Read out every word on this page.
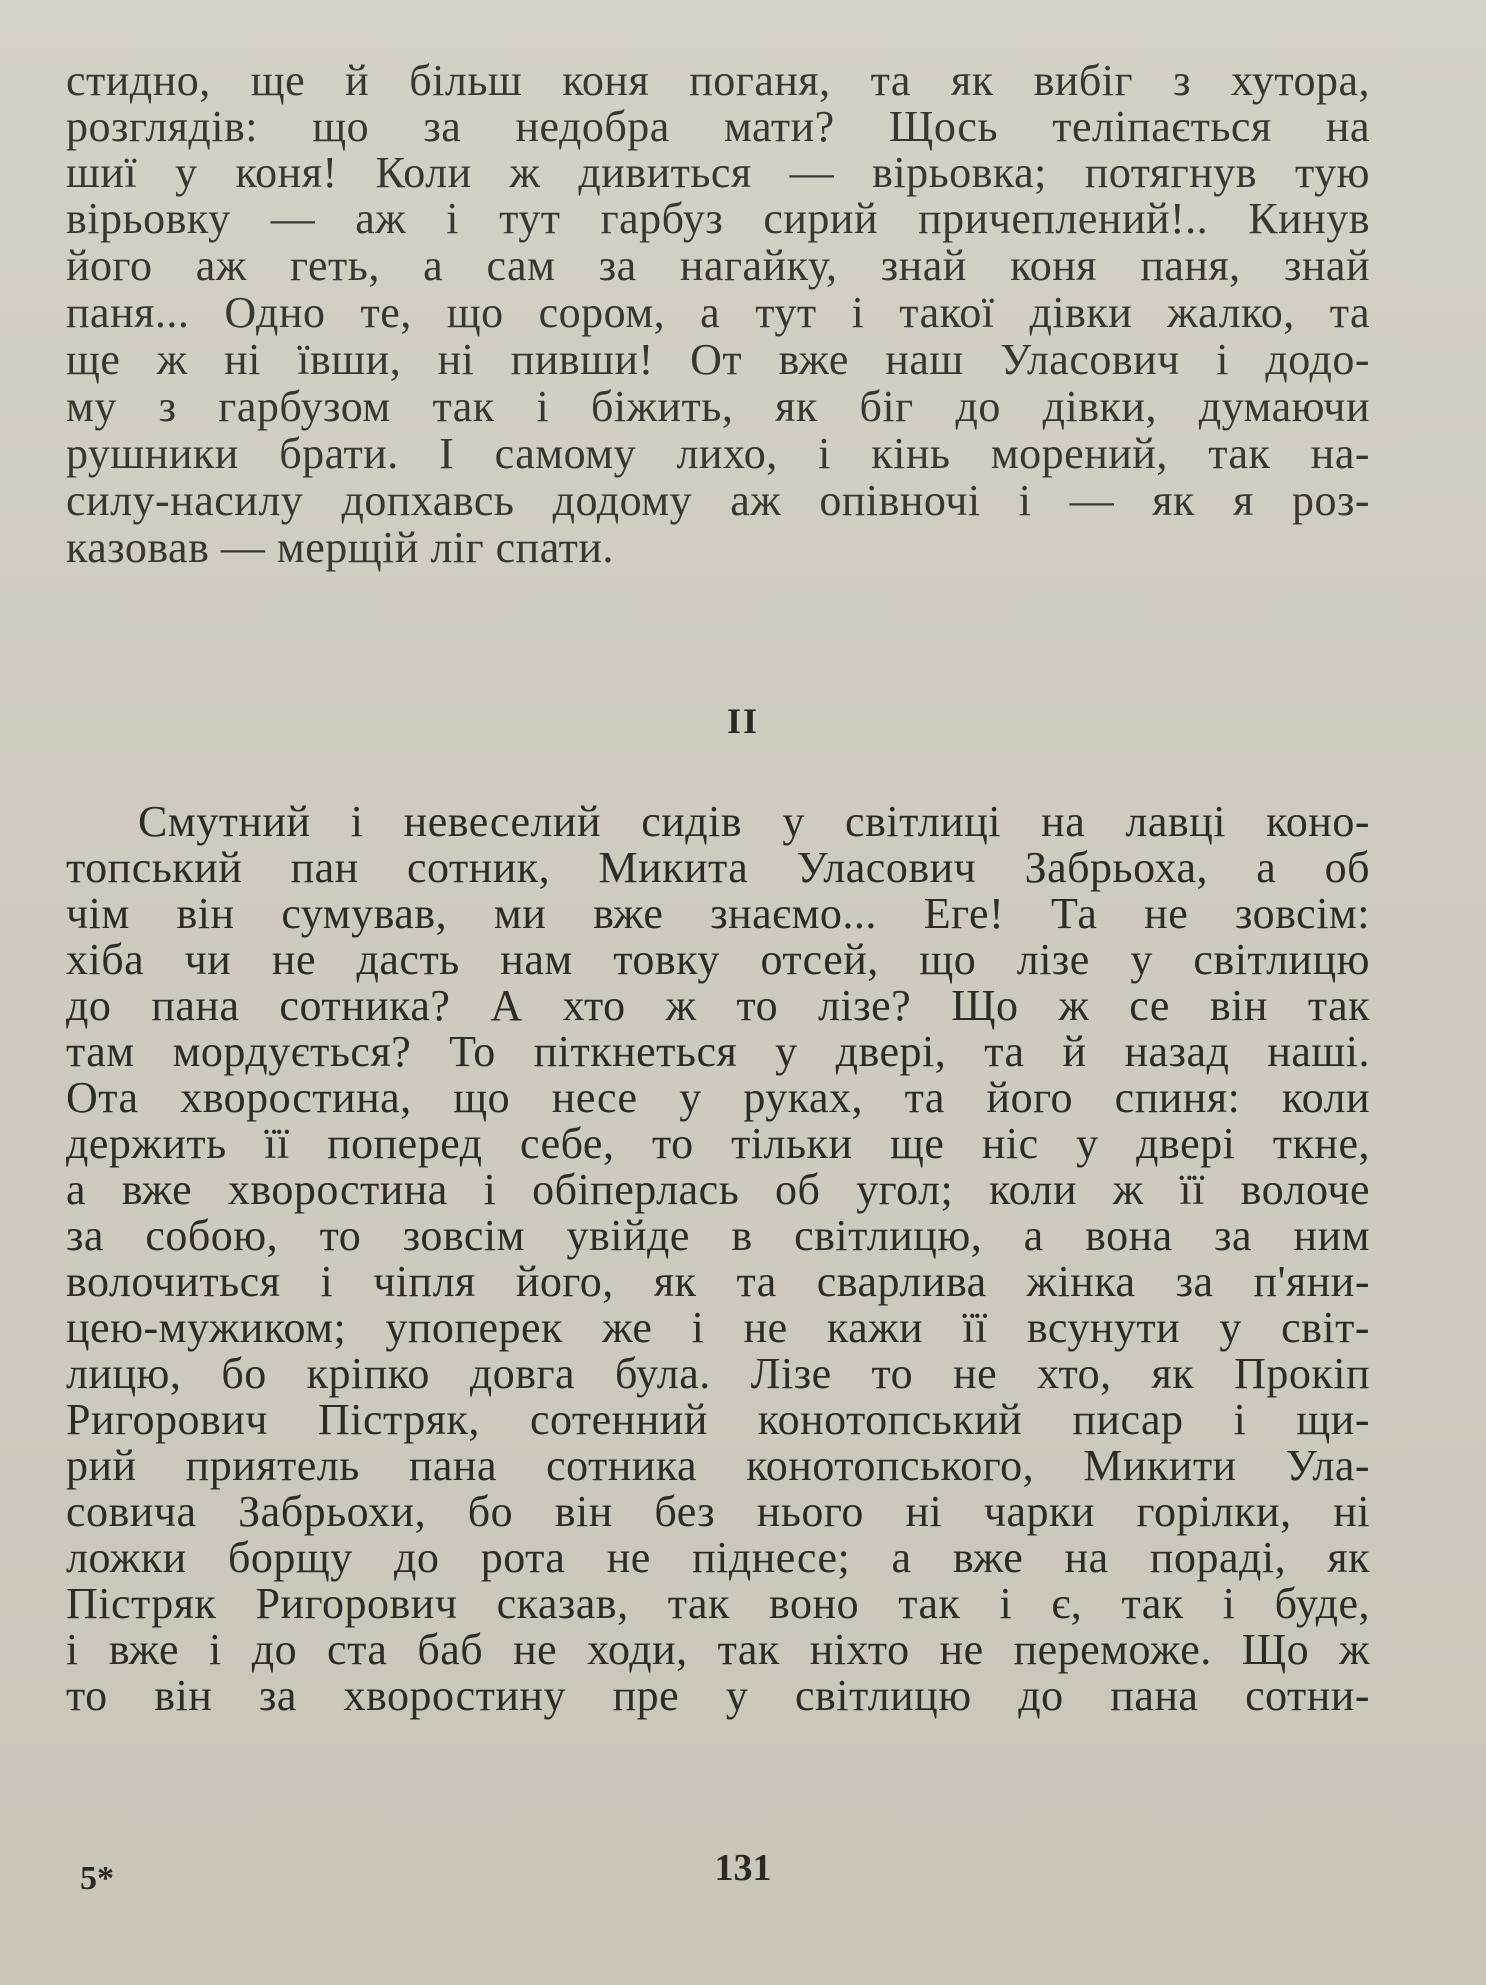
стидно, ще й більш коня поганя, та як вибіг з хутора,
розглядів: що за недобра мати? Щось теліпається на
шиї у коня! Коли ж дивиться — вірьовка; потягнув тую
вірьовку — аж і тут гарбуз сирий причеплений!.. Кинув
його аж геть, а сам за нагайку, знай коня паня, знай
паня... Одно те, що сором, а тут і такої дівки жалко, та
ще ж ні ївши, ні пивши! От вже наш Уласович і додо-
му з гарбузом так і біжить, як біг до дівки, думаючи
рушники брати. І самому лихо, і кінь морений, так на-
силу-насилу допхавсь додому аж опівночі і — як я роз-
казовав — мерщій ліг спати.
II
Смутний і невеселий сидів у світлиці на лавці коно-
топський пан сотник, Микита Уласович Забрьоха, а об
чім він сумував, ми вже знаємо... Еге! Та не зовсім:
хіба чи не дасть нам товку отсей, що лізе у світлицю
до пана сотника? А хто ж то лізе? Що ж се він так
там мордується? То піткнеться у двері, та й назад наші.
Ота хворостина, що несе у руках, та його спиня: коли
держить її поперед себе, то тільки ще ніс у двері ткне,
а вже хворостина і обіперлась об угол; коли ж її волоче
за собою, то зовсім увійде в світлицю, а вона за ним
волочиться і чіпля його, як та сварлива жінка за п'яни-
цею-мужиком; упоперек же і не кажи її всунути у світ-
лицю, бо кріпко довга була. Лізе то не хто, як Прокіп
Ригорович Пістряк, сотенний конотопський писар і щи-
рий приятель пана сотника конотопського, Микити Ула-
совича Забрьохи, бо він без нього ні чарки горілки, ні
ложки борщу до рота не піднесе; а вже на пораді, як
Пістряк Ригорович сказав, так воно так і є, так і буде,
і вже і до ста баб не ходи, так ніхто не переможе. Що ж
то він за хворостину пре у світлицю до пана сотни-
5*	131
